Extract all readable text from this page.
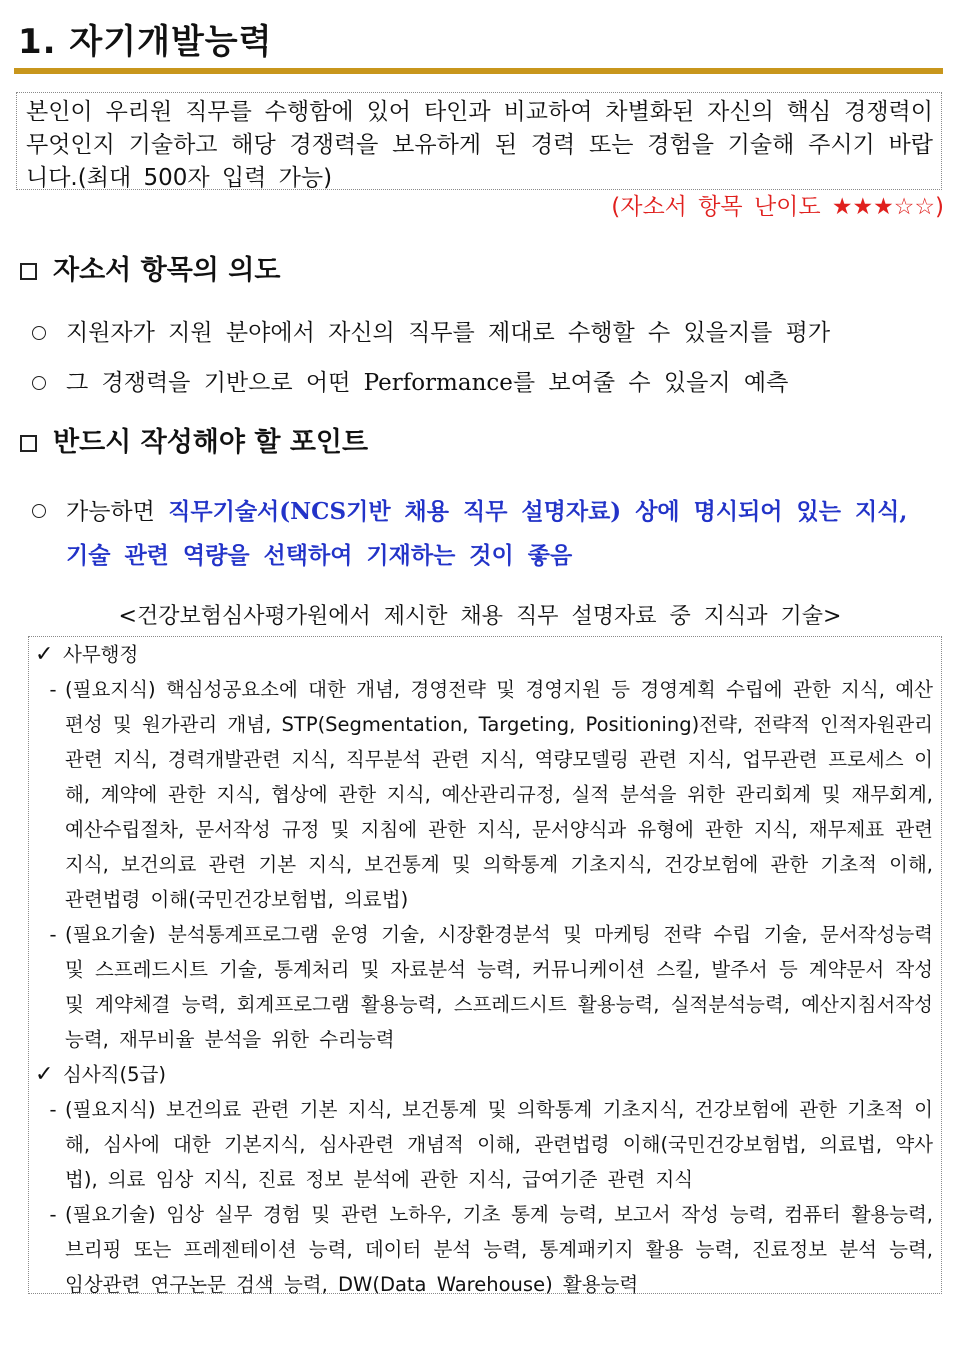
1. 자기개발능력
본인이 우리원 직무를 수행함에 있어 타인과 비교하여 차별화된 자신의 핵심 경쟁력이 무엇인지 기술하고 해당 경쟁력을 보유하게 된 경력 또는 경험을 기술해 주시기 바랍니다.(최대 500자 입력 가능)
(자소서 항목 난이도 ★★★☆☆)
자소서 항목의 의도
지원자가 지원 분야에서 자신의 직무를 제대로 수행할 수 있을지를 평가
그 경쟁력을 기반으로 어떤 Performance를 보여줄 수 있을지 예측
반드시 작성해야 할 포인트
가능하면 직무기술서(NCS기반 채용 직무 설명자료) 상에 명시되어 있는 지식,
기술 관련 역량을 선택하여 기재하는 것이 좋음
<건강보험심사평가원에서 제시한 채용 직무 설명자료 중 지식과 기술>
✓ 사무행정
- (필요지식) 핵심성공요소에 대한 개념, 경영전략 및 경영지원 등 경영계획 수립에 관한 지식, 예산편성 및 원가관리 개념, STP(Segmentation, Targeting, Positioning)전략, 전략적 인적자원관리 관련 지식, 경력개발관련 지식, 직무분석 관련 지식, 역량모델링 관련 지식, 업무관련 프로세스 이해, 계약에 관한 지식, 협상에 관한 지식, 예산관리규정, 실적 분석을 위한 관리회계 및 재무회계, 예산수립절차, 문서작성 규정 및 지침에 관한 지식, 문서양식과 유형에 관한 지식, 재무제표 관련 지식, 보건의료 관련 기본 지식, 보건통계 및 의학통계 기초지식, 건강보험에 관한 기초적 이해, 관련법령 이해(국민건강보험법, 의료법)
- (필요기술) 분석통계프로그램 운영 기술, 시장환경분석 및 마케팅 전략 수립 기술, 문서작성능력 및 스프레드시트 기술, 통계처리 및 자료분석 능력, 커뮤니케이션 스킬, 발주서 등 계약문서 작성 및 계약체결 능력, 회계프로그램 활용능력, 스프레드시트 활용능력, 실적분석능력, 예산지침서작성능력, 재무비율 분석을 위한 수리능력
✓ 심사직(5급)
- (필요지식) 보건의료 관련 기본 지식, 보건통계 및 의학통계 기초지식, 건강보험에 관한 기초적 이해, 심사에 대한 기본지식, 심사관련 개념적 이해, 관련법령 이해(국민건강보험법, 의료법, 약사법), 의료 임상 지식, 진료 정보 분석에 관한 지식, 급여기준 관련 지식
- (필요기술) 임상 실무 경험 및 관련 노하우, 기초 통계 능력, 보고서 작성 능력, 컴퓨터 활용능력, 브리핑 또는 프레젠테이션 능력, 데이터 분석 능력, 통계패키지 활용 능력, 진료정보 분석 능력, 임상관련 연구논문 검색 능력, DW(Data Warehouse) 활용능력
